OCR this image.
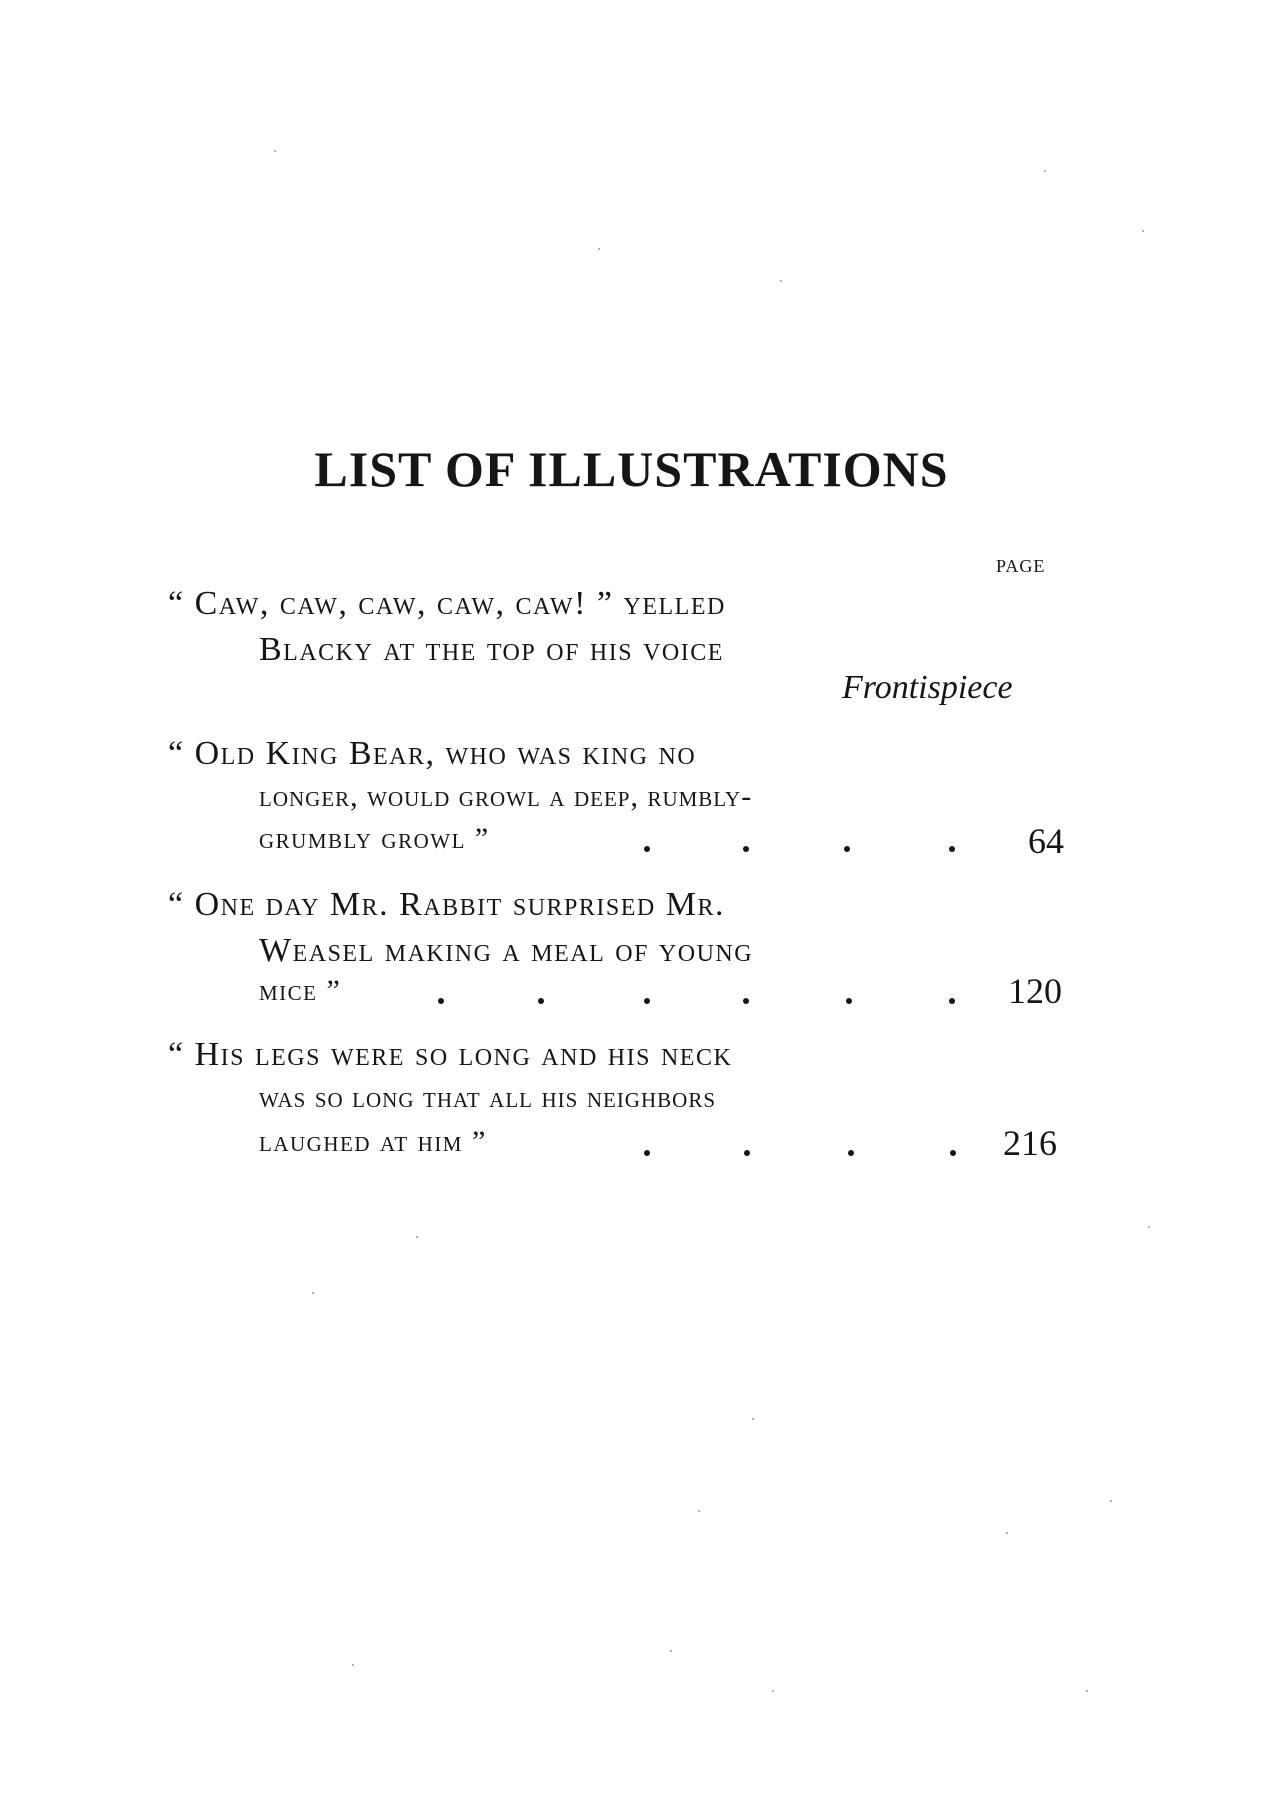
LIST OF ILLUSTRATIONS
PAGE
“ Caw, caw, caw, caw, caw! ” yelled
Blacky at the top of his voice
Frontispiece
“ Old King Bear, who was king no
longer, would growl a deep, rumbly-
grumbly growl ”	64
“ One day Mr. Rabbit surprised Mr.
Weasel making a meal of young
mice ”	120
“ His legs were so long and his neck
was so long that all his neighbors
laughed at him ”	216
